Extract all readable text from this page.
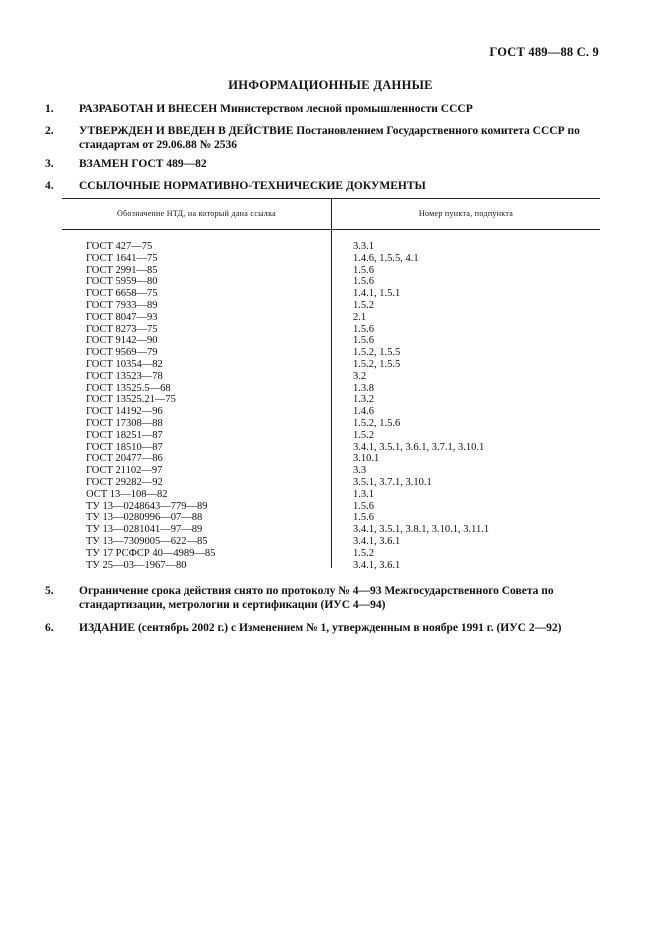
ГОСТ 489—88 С. 9
ИНФОРМАЦИОННЫЕ ДАННЫЕ
1. РАЗРАБОТАН И ВНЕСЕН Министерством лесной промышленности СССР
2. УТВЕРЖДЕН И ВВЕДЕН В ДЕЙСТВИЕ Постановлением Государственного комитета СССР по стандартам от 29.06.88 № 2536
3. ВЗАМЕН ГОСТ 489—82
4. ССЫЛОЧНЫЕ НОРМАТИВНО-ТЕХНИЧЕСКИЕ ДОКУМЕНТЫ
Обозначение НТД, на который дана ссылка	Номер пункта, подпункта
ГОСТ 427—75	3.3.1
ГОСТ 1641—75	1.4.6, 1.5.5, 4.1
ГОСТ 2991—85	1.5.6
ГОСТ 5959—80	1.5.6
ГОСТ 6658—75	1.4.1, 1.5.1
ГОСТ 7933—89	1.5.2
ГОСТ 8047—93	2.1
ГОСТ 8273—75	1.5.6
ГОСТ 9142—90	1.5.6
ГОСТ 9569—79	1.5.2, 1.5.5
ГОСТ 10354—82	1.5.2, 1.5.5
ГОСТ 13523—78	3.2
ГОСТ 13525.5—68	1.3.8
ГОСТ 13525.21—75	1.3.2
ГОСТ 14192—96	1.4.6
ГОСТ 17308—88	1.5.2, 1.5.6
ГОСТ 18251—87	1.5.2
ГОСТ 18510—87	3.4.1, 3.5.1, 3.6.1, 3.7.1, 3.10.1
ГОСТ 20477—86	3.10.1
ГОСТ 21102—97	3.3
ГОСТ 29282—92	3.5.1, 3.7.1, 3.10.1
ОСТ 13—108—82	1.3.1
ТУ 13—0248643—779—89	1.5.6
ТУ 13—0280996—07—88	1.5.6
ТУ 13—0281041—97—89	3.4.1, 3.5.1, 3.8.1, 3.10.1, 3.11.1
ТУ 13—7309005—622—85	3.4.1, 3.6.1
ТУ 17 РСФСР 40—4989—85	1.5.2
ТУ 25—03—1967—80	3.4.1, 3.6.1
5. Ограничение срока действия снято по протоколу № 4—93 Межгосударственного Совета по стандартизации, метрологии и сертификации (ИУС 4—94)
6. ИЗДАНИЕ (сентябрь 2002 г.) с Изменением № 1, утвержденным в ноябре 1991 г. (ИУС 2—92)
